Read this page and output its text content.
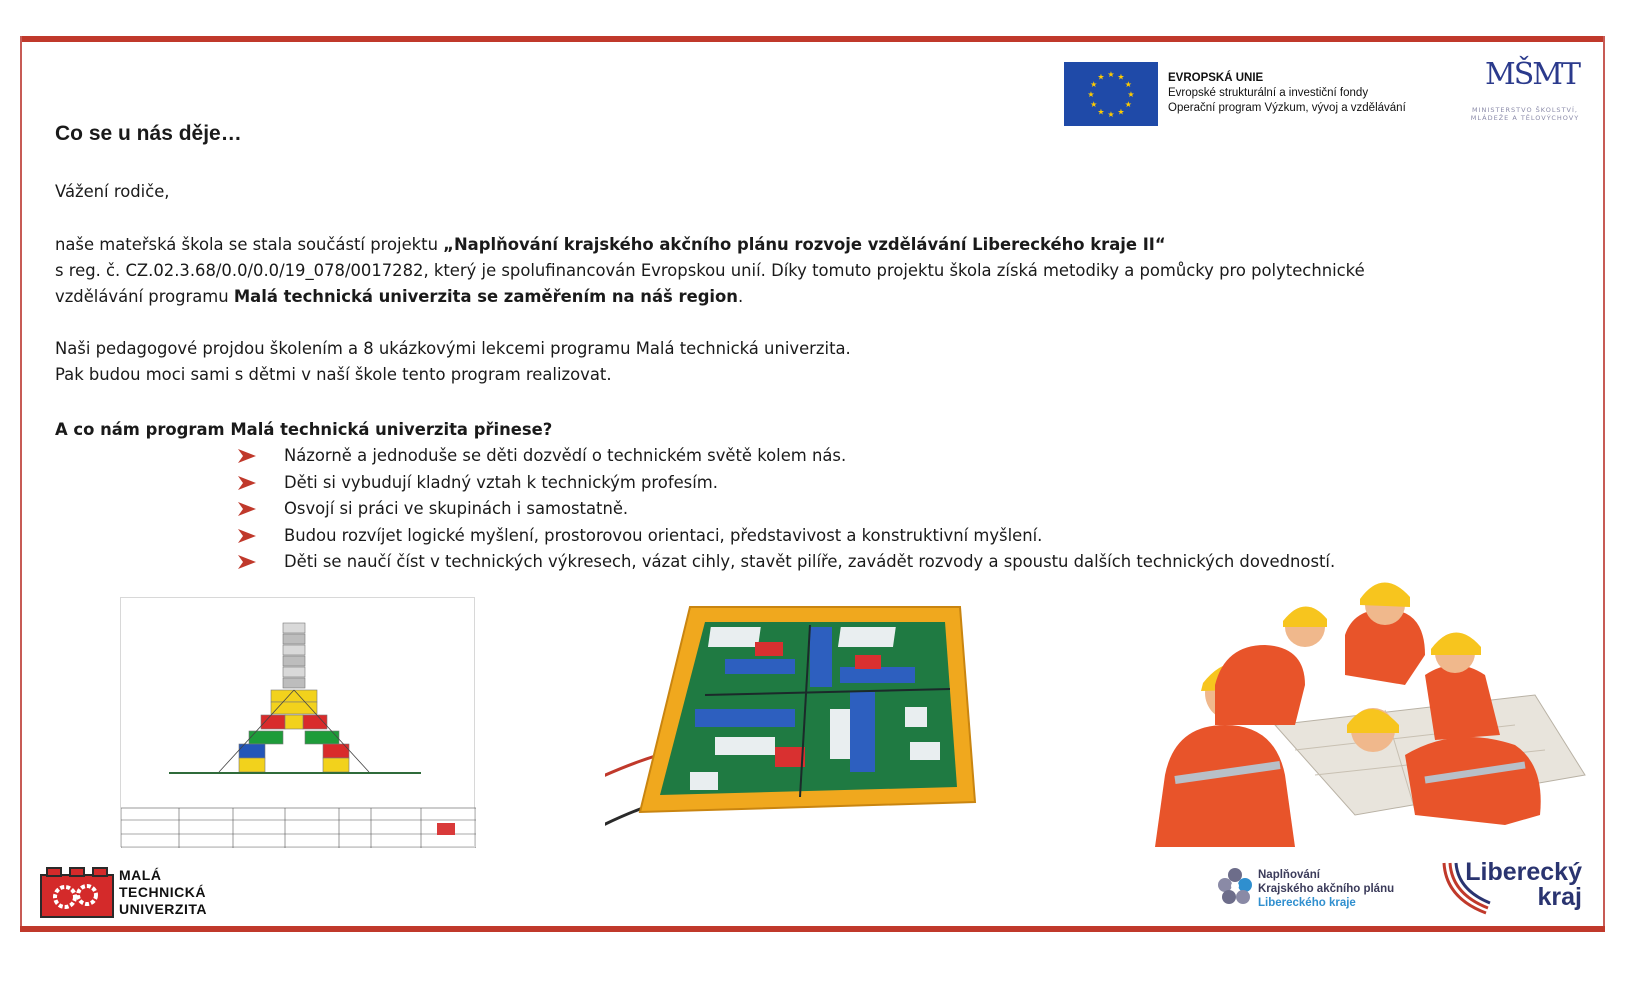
★ ★
★
★
★
★
★
★
★
★
★
★	EVROPSKÁ UNIE
Evropské strukturální a investiční fondy
Operační program Výzkum, vývoj a vzdělávání
MŠMT
MINISTERSTVO ŠKOLSTVÍ, MLÁDEŽE A TĚLOVÝCHOVY
Co se u nás děje…
Vážení rodiče,
naše mateřská škola se stala součástí projektu „Naplňování krajského akčního plánu rozvoje vzdělávání Libereckého kraje II“
s reg. č. CZ.02.3.68/0.0/0.0/19_078/0017282, který je spolufinancován Evropskou unií. Díky tomuto projektu škola získá metodiky a pomůcky pro polytechnické
vzdělávání programu Malá technická univerzita se zaměřením na náš region.
Naši pedagogové projdou školením a 8 ukázkovými lekcemi programu Malá technická univerzita.
Pak budou moci sami s dětmi v naší škole tento program realizovat.
A co nám program Malá technická univerzita přinese?
Názorně a jednoduše se děti dozvědí o technickém světě kolem nás.
Děti si vybudují kladný vztah k technickým profesím.
Osvojí si práci ve skupinách i samostatně.
Budou rozvíjet logické myšlení, prostorovou orientaci, představivost a konstruktivní myšlení.
Děti se naučí číst v technických výkresech, vázat cihly, stavět pilíře, zavádět rozvody a spoustu dalších technických dovedností.
MALÁ
TECHNICKÁ
UNIVERZITA
Naplňování
Krajského akčního plánu
Libereckého kraje
Liberecký
kraj
